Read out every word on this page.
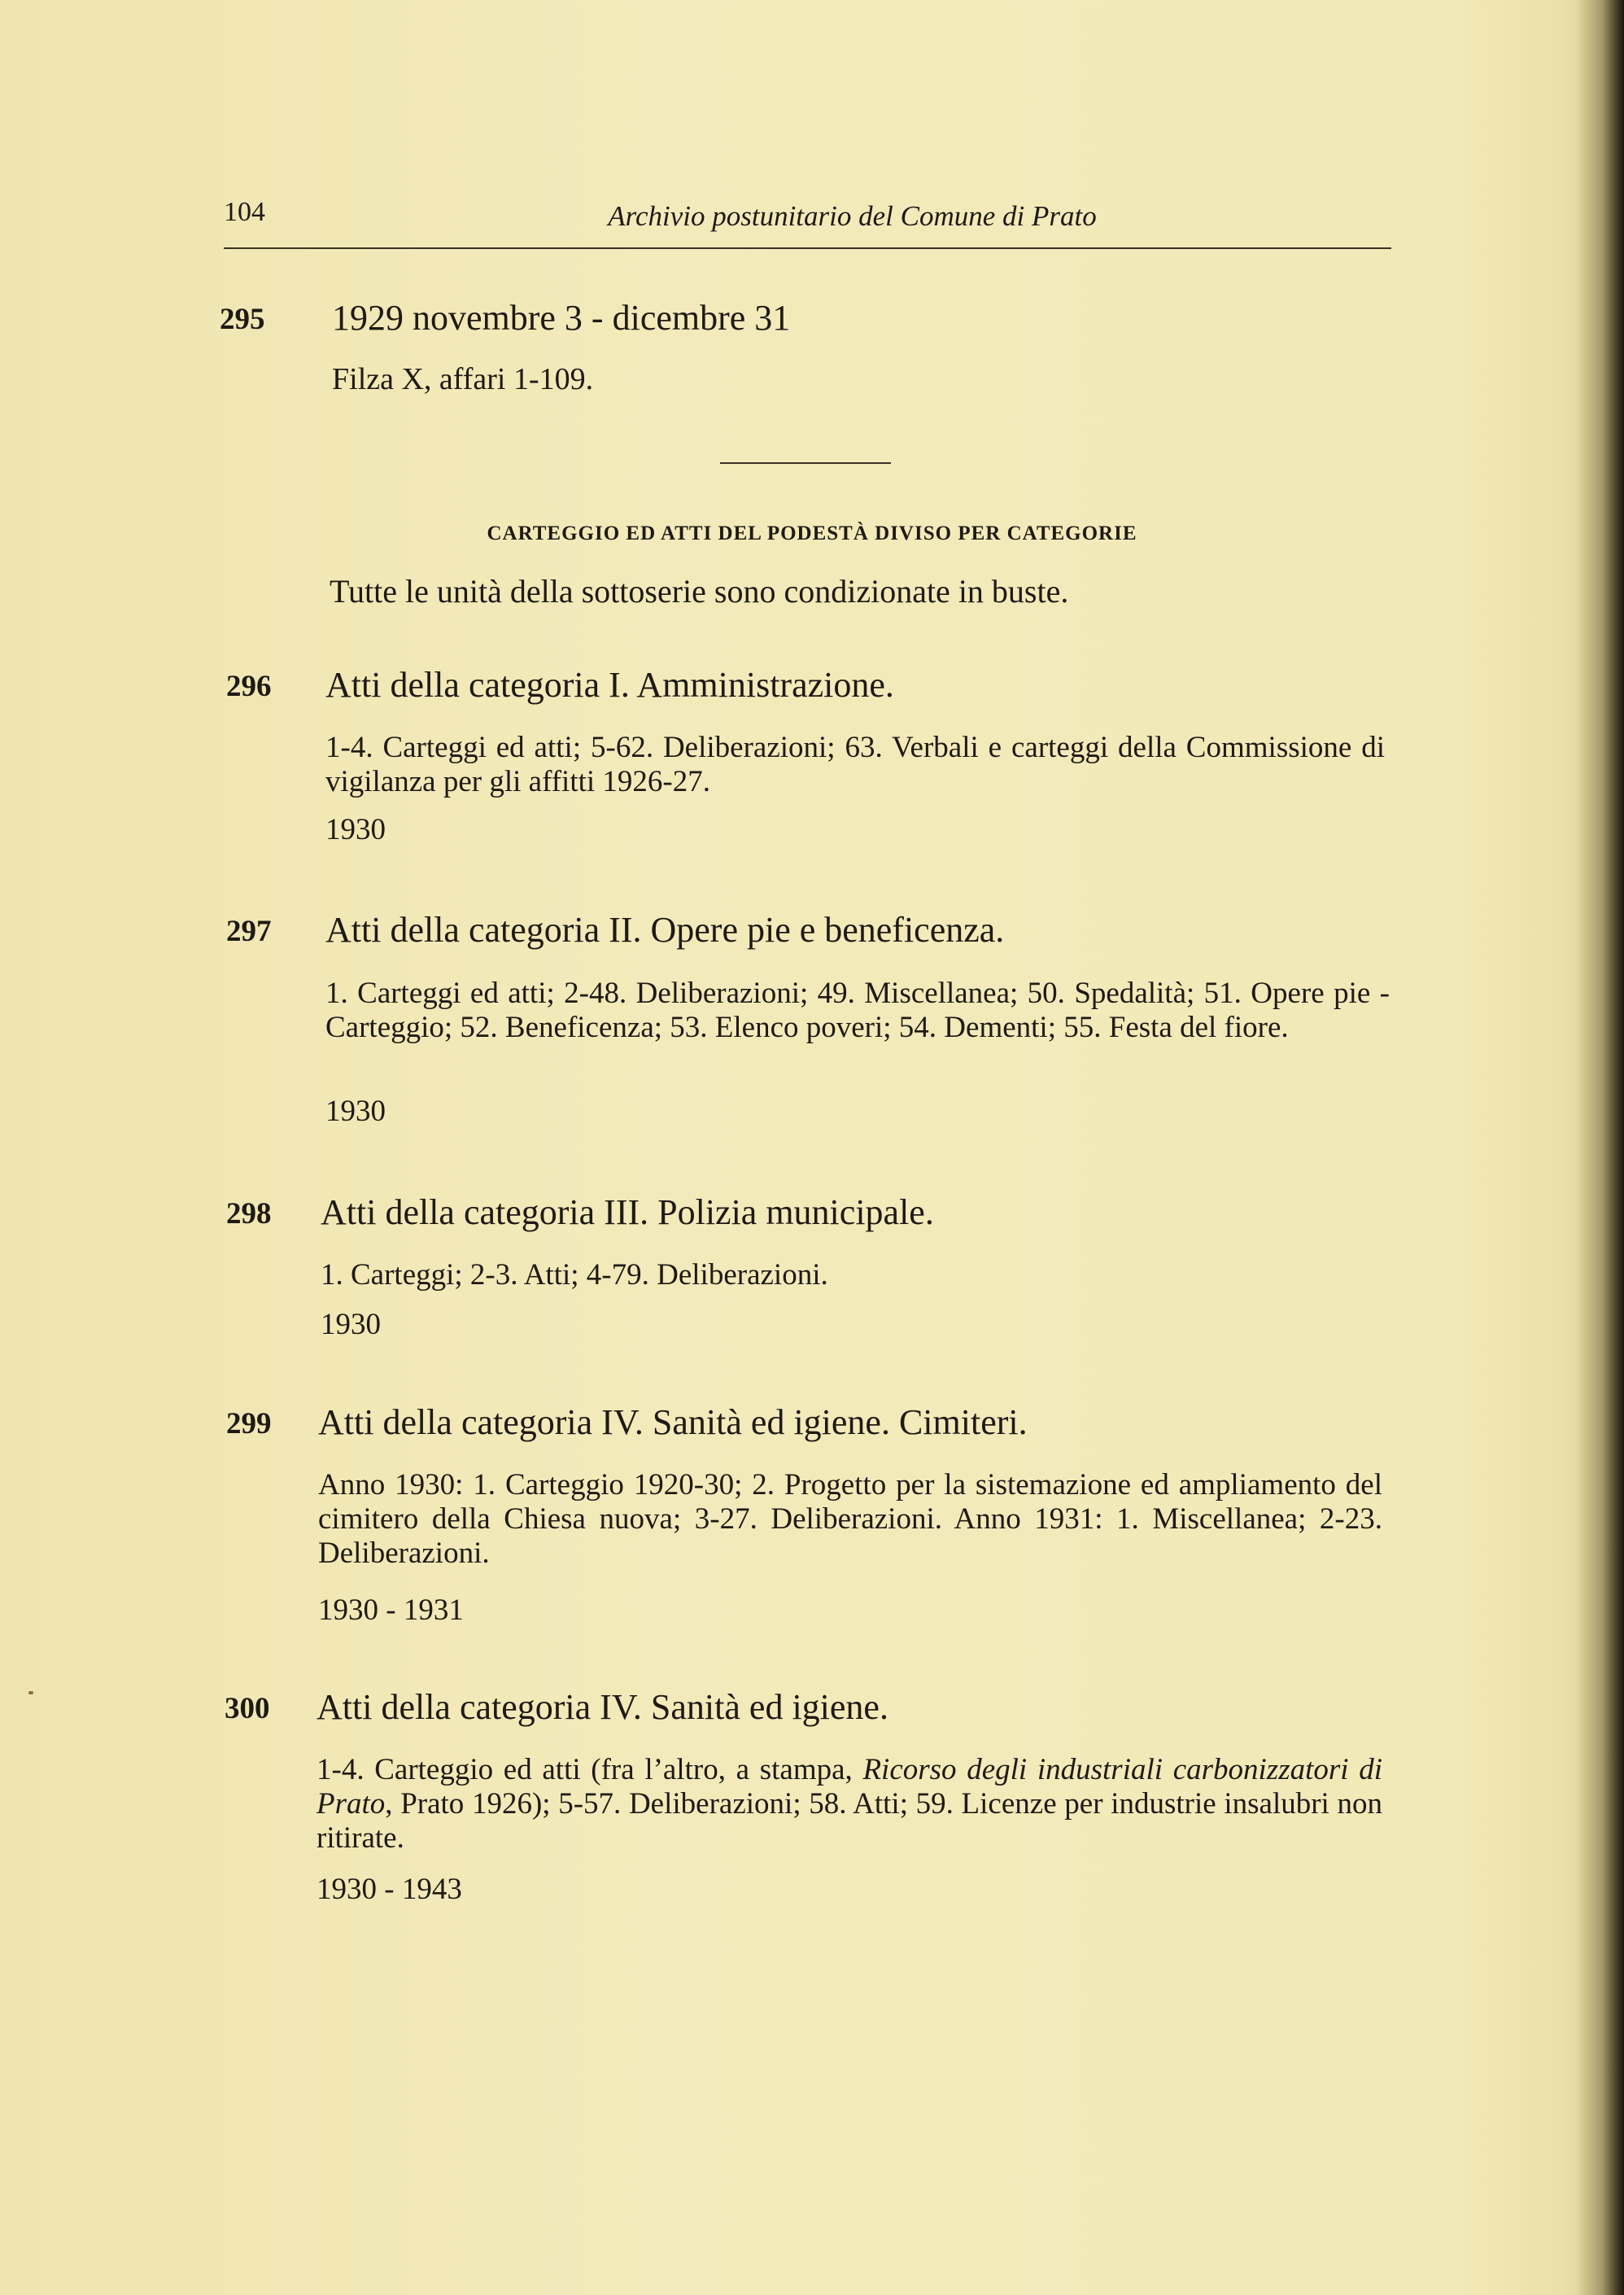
104	Archivio postunitario del Comune di Prato
295	1929 novembre 3 - dicembre 31
Filza X, affari 1-109.
CARTEGGIO ED ATTI DEL PODESTÀ DIVISO PER CATEGORIE
Tutte le unità della sottoserie sono condizionate in buste.
296	Atti della categoria I. Amministrazione.
1-4. Carteggi ed atti; 5-62. Deliberazioni; 63. Verbali e carteggi della Commissione di vigilanza per gli affitti 1926-27.
1930
297	Atti della categoria II. Opere pie e beneficenza.
1. Carteggi ed atti; 2-48. Deliberazioni; 49. Miscellanea; 50. Spedalità; 51. Opere pie - Carteggio; 52. Beneficenza; 53. Elenco poveri; 54. Dementi; 55. Festa del fiore.
1930
298	Atti della categoria III. Polizia municipale.
1. Carteggi; 2-3. Atti; 4-79. Deliberazioni.
1930
299	Atti della categoria IV. Sanità ed igiene. Cimiteri.
Anno 1930: 1. Carteggio 1920-30; 2. Progetto per la sistemazione ed ampliamento del cimitero della Chiesa nuova; 3-27. Deliberazioni. Anno 1931: 1. Miscellanea; 2-23. Deliberazioni.
1930 - 1931
300	Atti della categoria IV. Sanità ed igiene.
1-4. Carteggio ed atti (fra l’altro, a stampa, Ricorso degli industriali carbonizzatori di Prato, Prato 1926); 5-57. Deliberazioni; 58. Atti; 59. Licenze per industrie insalubri non ritirate.
1930 - 1943
